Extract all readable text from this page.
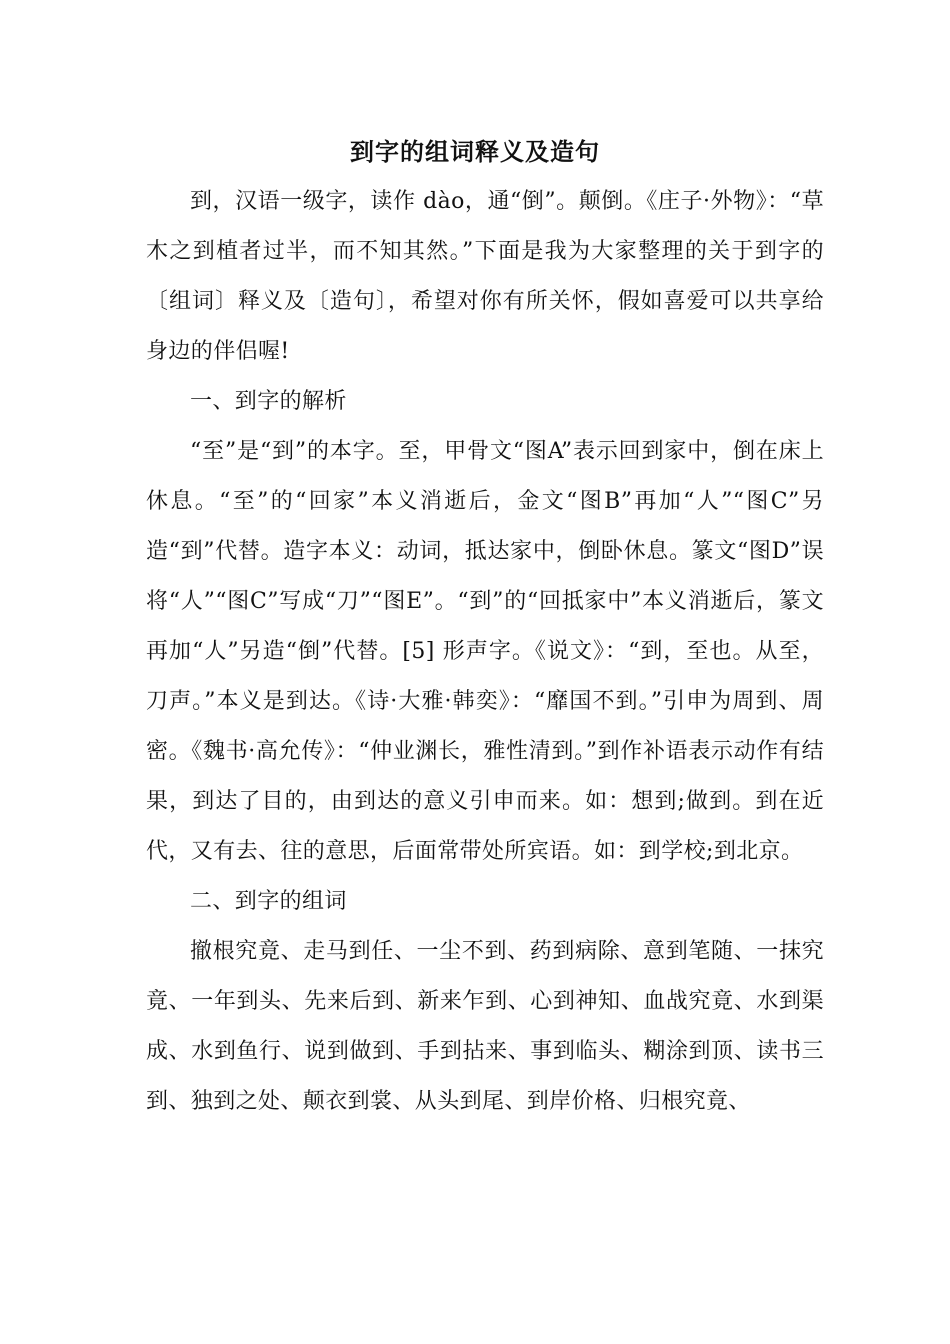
到字的组词释义及造句

到，汉语一级字，读作 dào，通“倒”。颠倒。《庄子·外物》：“草木之到植者过半，而不知其然。”下面是我为大家整理的关于到字的〔组词〕释义及〔造句〕，希望对你有所关怀，假如喜爱可以共享给身边的伴侣喔!

一、到字的解析

“至”是“到”的本字。至，甲骨文“图A”表示回到家中，倒在床上休息。“至”的“回家”本义消逝后，金文“图B”再加“人”“图C”另造“到”代替。造字本义：动词，抵达家中，倒卧休息。篆文“图D”误将“人”“图C”写成“刀”“图E”。“到”的“回抵家中”本义消逝后，篆文再加“人”另造“倒”代替。[5] 形声字。《说文》：“到，至也。从至，刀声。”本义是到达。《诗·大雅·韩奕》：“靡国不到。”引申为周到、周密。《魏书·高允传》：“仲业渊长，雅性清到。”到作补语表示动作有结果，到达了目的，由到达的意义引申而来。如：想到;做到。到在近代，又有去、往的意思，后面常带处所宾语。如：到学校;到北京。

二、到字的组词

撤根究竟、走马到任、一尘不到、药到病除、意到笔随、一抹究竟、一年到头、先来后到、新来乍到、心到神知、血战究竟、水到渠成、水到鱼行、说到做到、手到拈来、事到临头、糊涂到顶、读书三到、独到之处、颠衣到裳、从头到尾、到岸价格、归根究竟、
